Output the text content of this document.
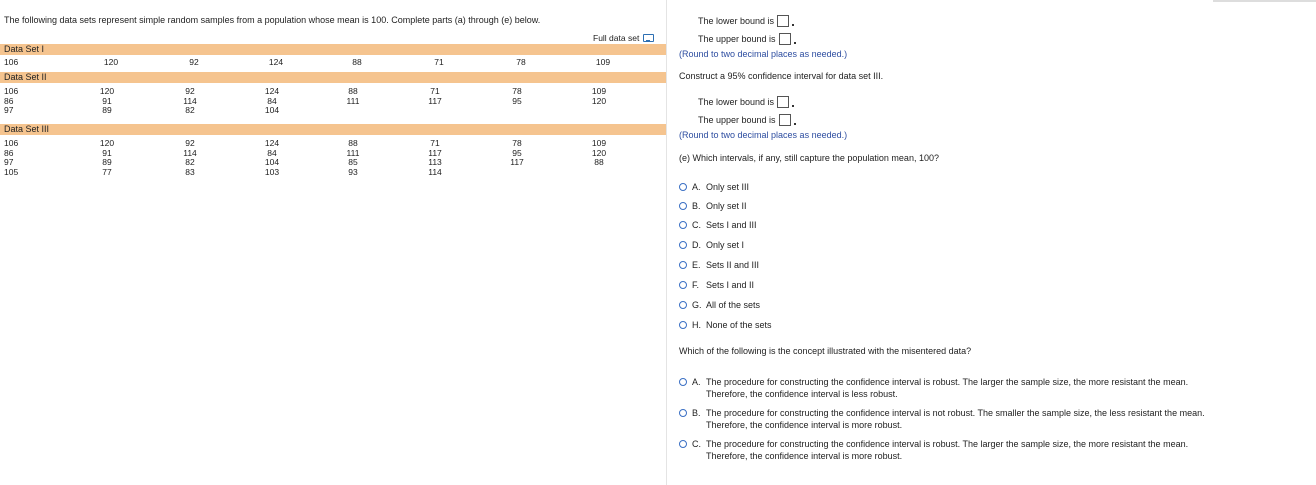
The following data sets represent simple random samples from a population whose mean is 100. Complete parts (a) through (e) below.
Full data set
Data Set I
Data Set II
Data Set III
The lower bound is
The upper bound is
(Round to two decimal places as needed.)
Construct a 95% confidence interval for data set III.
The lower bound is
The upper bound is
(Round to two decimal places as needed.)
(e) Which intervals, if any, still capture the population mean, 100?
A. Only set III
B. Only set II
C. Sets I and III
D. Only set I
E. Sets II and III
F. Sets I and II
G. All of the sets
H. None of the sets
Which of the following is the concept illustrated with the misentered data?
A. The procedure for constructing the confidence interval is robust. The larger the sample size, the more resistant the mean.
Therefore, the confidence interval is less robust.
B. The procedure for constructing the confidence interval is not robust. The smaller the sample size, the less resistant the mean.
Therefore, the confidence interval is more robust.
C. The procedure for constructing the confidence interval is robust. The larger the sample size, the more resistant the mean.
Therefore, the confidence interval is more robust.
106	120	92	124	88	71	78	109
106	120	92	124	88	71	78	109
86	91	114	84	111	117	95	120
97	89	82	104
106	120	92	124	88	71	78	109
86	91	114	84	111	117	95	120
97	89	82	104	85	113	117	88
105	77	83	103	93	114
